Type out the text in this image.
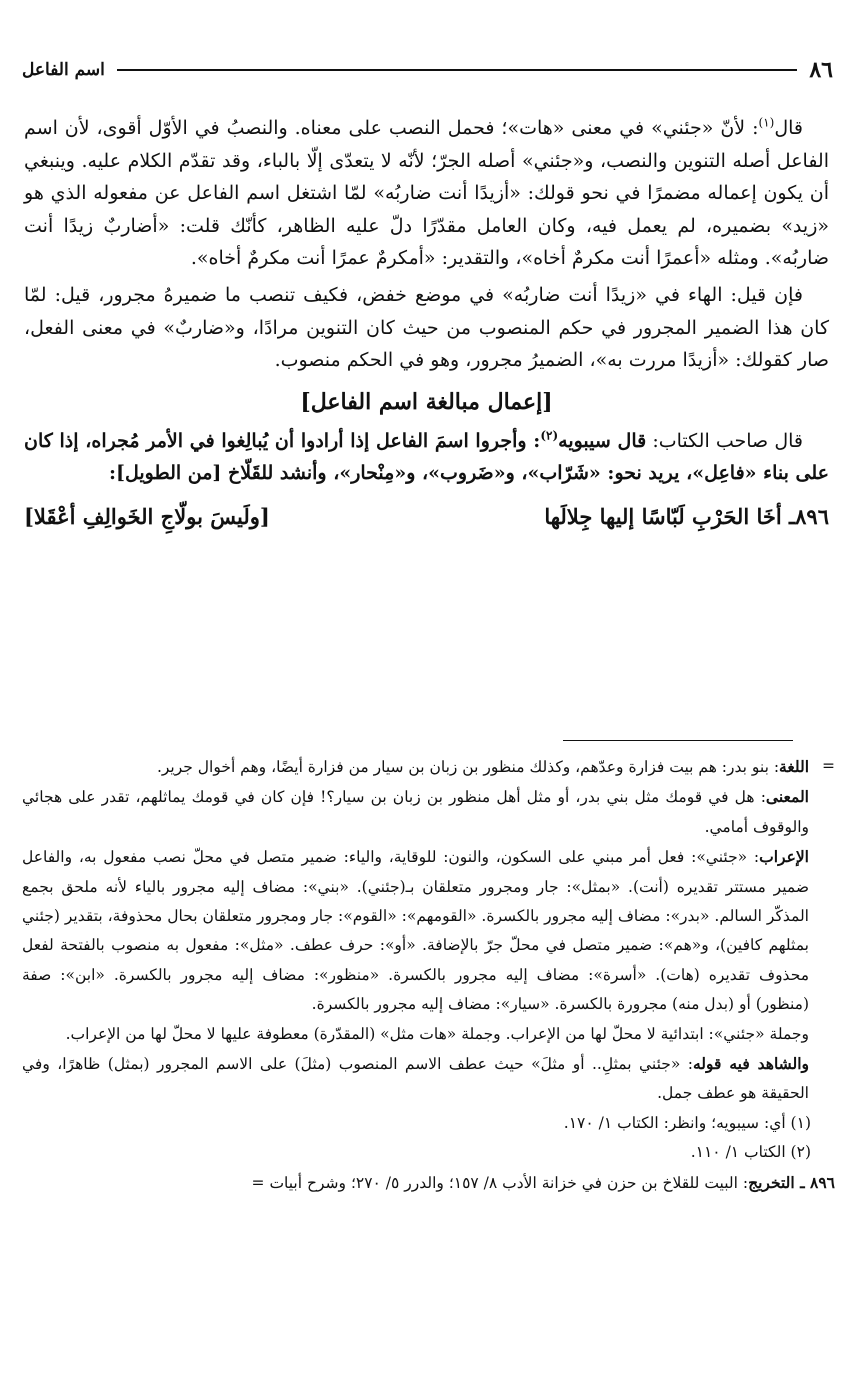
٨٦
اسم الفاعل

قال$^{(١)}$: لأنّ «جئني» في معنى «هات»؛ فحمل النصب على معناه. والنصبُ في الأوّل أقوى، لأن اسم الفاعل أصله التنوين والنصب، و«جئني» أصله الجرّ؛ لأنّه لا يتعدّى إلّا بالباء، وقد تقدّم الكلام عليه. وينبغي أن يكون إعماله مضمرًا في نحو قولك: «أزيدًا أنت ضاربُه» لمّا اشتغل اسم الفاعل عن مفعوله الذي هو «زيد» بضميره، لم يعمل فيه، وكان العامل مقدّرًا دلّ عليه الظاهر، كأنّك قلت: «أضاربٌ زيدًا أنت ضاربُه». ومثله «أعمرًا أنت مكرمٌ أخاه»، والتقدير: «أمكرمٌ عمرًا أنت مكرمٌ أخاه».

فإن قيل: الهاء في «زيدًا أنت ضاربُه» في موضع خفض، فكيف تنصب ما ضميرهُ مجرور، قيل: لمّا كان هذا الضمير المجرور في حكم المنصوب من حيث كان التنوين مرادًا، و«ضاربٌ» في معنى الفعل، صار كقولك: «أزيدًا مررت به»، الضميرُ مجرور، وهو في الحكم منصوب.

[إعمال مبالغة اسم الفاعل]

قال صاحب الكتاب: قال سيبويه$^{(٢)}$: وأجروا اسمَ الفاعل إذا أرادوا أن يُبالِغوا في الأمر مُجراه، إذا كان على بناء «فاعِل»، يريد نحو: «شَرّاب»، و«ضَروب»، و«مِنْحار»، وأنشد للقَلّاخ [من الطويل]:

٨٩٦ـ أخَا الحَرْبِ لَبّاسًا إليها جِلالَها
[ولَيسَ بولّاجِ الخَوالِفِ أعْقَلا]

=
اللغة: بنو بدر: هم بيت فزارة وعدّهم، وكذلك منظور بن زبان بن سيار من فزارة أيضًا، وهم أخوال جرير.

المعنى: هل في قومك مثل بني بدر، أو مثل أهل منظور بن زبان بن سيار؟! فإن كان في قومك يماثلهم، تقدر على هجائي والوقوف أمامي.

الإعراب: «جئني»: فعل أمر مبني على السكون، والنون: للوقاية، والياء: ضمير متصل في محلّ نصب مفعول به، والفاعل ضمير مستتر تقديره (أنت). «بمثل»: جار ومجرور متعلقان بـ(جئني). «بني»: مضاف إليه مجرور بالياء لأنه ملحق بجمع المذكّر السالم. «بدر»: مضاف إليه مجرور بالكسرة. «القومهم»: «القوم»: جار ومجرور متعلقان بحال محذوفة، بتقدير (جئني بمثلهم كافين)، و«هم»: ضمير متصل في محلّ جرّ بالإضافة. «أو»: حرف عطف. «مثل»: مفعول به منصوب بالفتحة لفعل محذوف تقديره (هات). «أسرة»: مضاف إليه مجرور بالكسرة. «منظور»: مضاف إليه مجرور بالكسرة. «ابن»: صفة (منظور) أو (بدل منه) مجرورة بالكسرة. «سيار»: مضاف إليه مجرور بالكسرة.

وجملة «جئني»: ابتدائية لا محلّ لها من الإعراب. وجملة «هات مثل» (المقدّرة) معطوفة عليها لا محلّ لها من الإعراب.

والشاهد فيه قوله: «جئني بمثلِ.. أو مثلَ» حيث عطف الاسم المنصوب (مثلَ) على الاسم المجرور (بمثل) ظاهرًا، وفي الحقيقة هو عطف جمل.

(١) أي: سيبويه؛ وانظر: الكتاب ١/ ١٧٠.

(٢) الكتاب ١/ ١١٠.

٨٩٦ ـ التخريج: البيت للقلاخ بن حزن في خزانة الأدب ٨/ ١٥٧؛ والدرر ٥/ ٢٧٠؛ وشرح أبيات =
